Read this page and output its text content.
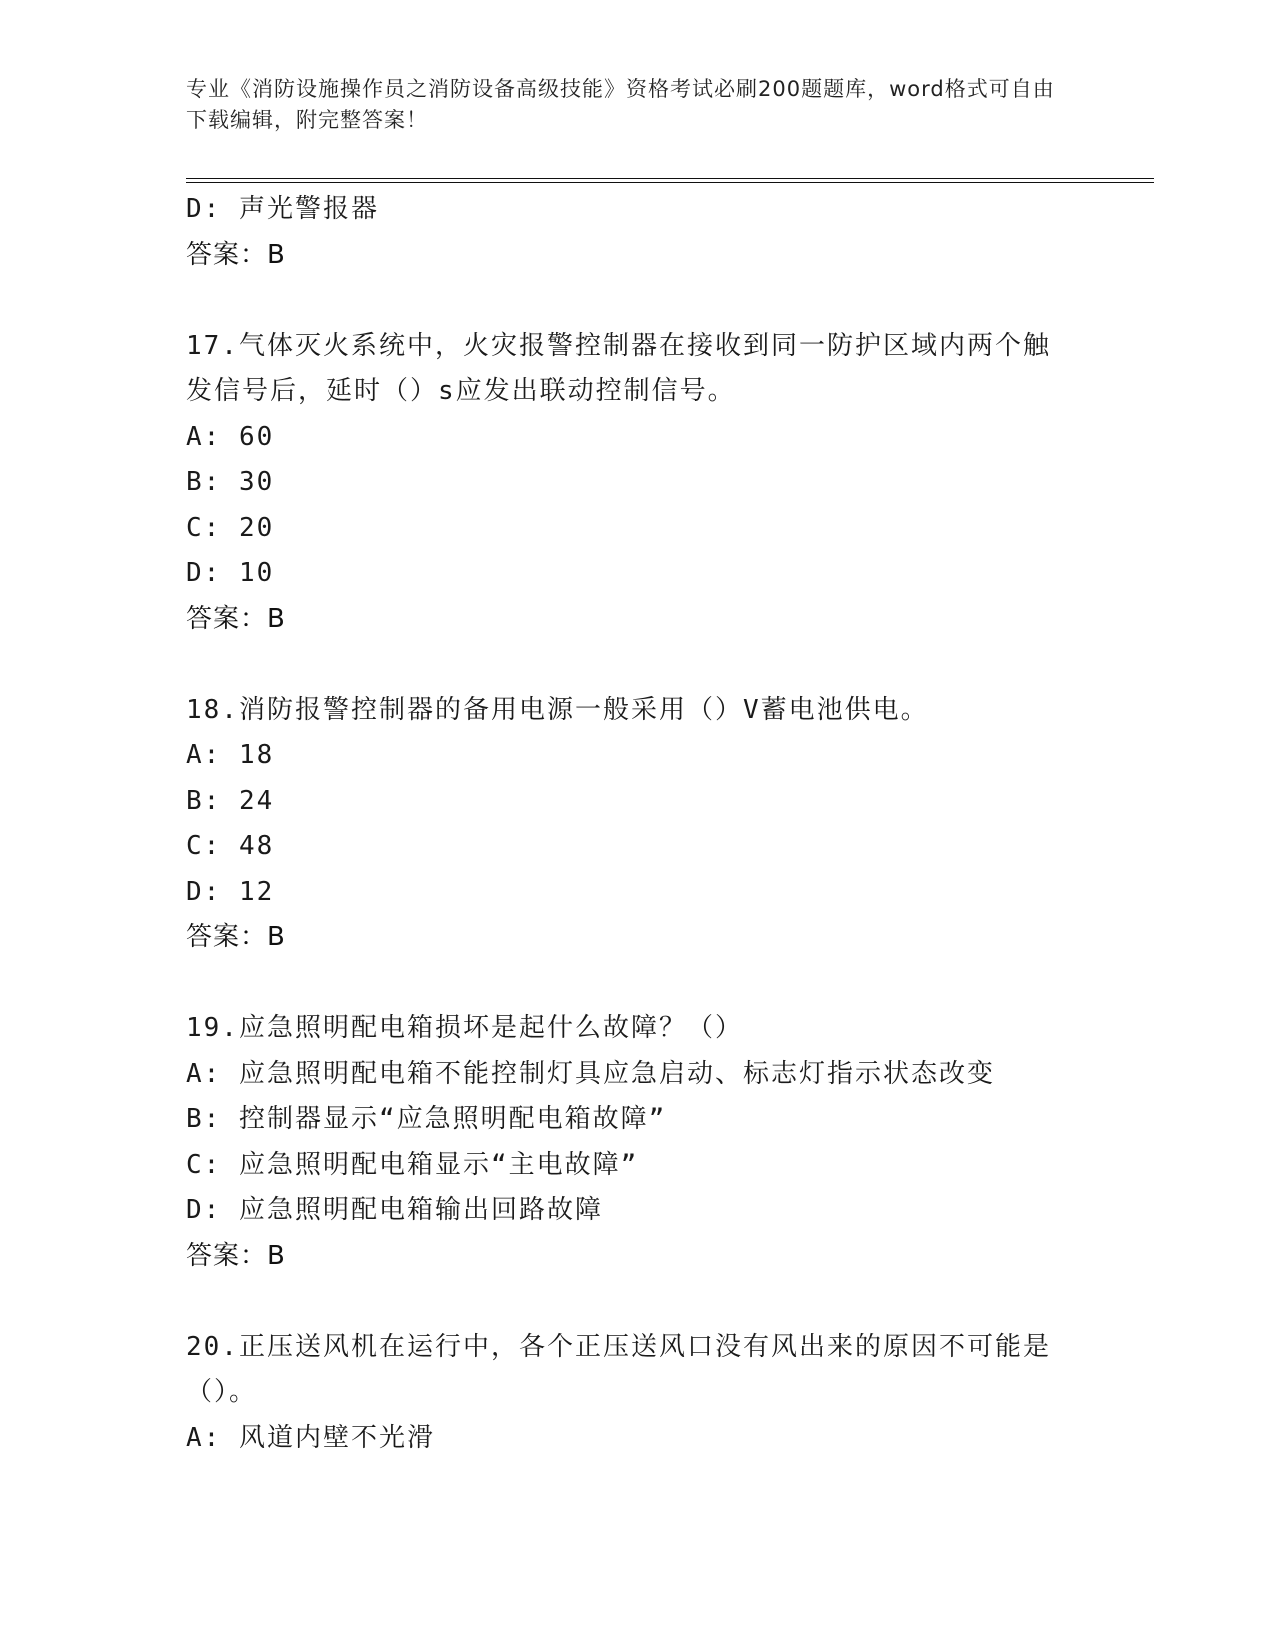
专业《消防设施操作员之消防设备高级技能》资格考试必刷200题题库，word格式可自由下载编辑，附完整答案！
D: 声光警报器
答案：B
17.气体灭火系统中，火灾报警控制器在接收到同一防护区域内两个触
发信号后，延时（）s应发出联动控制信号。
A: 60
B: 30
C: 20
D: 10
答案：B
18.消防报警控制器的备用电源一般采用（）V蓄电池供电。
A: 18
B: 24
C: 48
D: 12
答案：B
19.应急照明配电箱损坏是起什么故障？（）
A: 应急照明配电箱不能控制灯具应急启动、标志灯指示状态改变
B: 控制器显示“应急照明配电箱故障”
C: 应急照明配电箱显示“主电故障”
D: 应急照明配电箱输出回路故障
答案：B
20.正压送风机在运行中，各个正压送风口没有风出来的原因不可能是
（）。
A: 风道内壁不光滑
